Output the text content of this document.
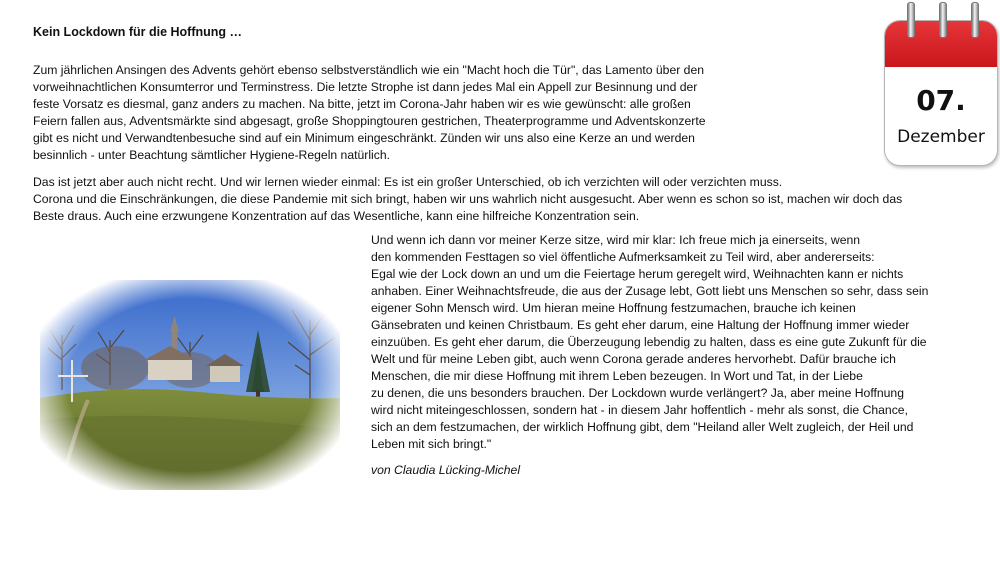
Kein Lockdown für die Hoffnung …

Zum jährlichen Ansingen des Advents gehört ebenso selbstverständlich wie ein "Macht hoch die Tür", das Lamento über den
vorweihnachtlichen Konsumterror und Terminstress. Die letzte Strophe ist dann jedes Mal ein Appell zur Besinnung und der
feste Vorsatz es diesmal, ganz anders zu machen. Na bitte, jetzt im Corona-Jahr haben wir es wie gewünscht: alle großen
Feiern fallen aus, Adventsmärkte sind abgesagt, große Shoppingtouren gestrichen, Theaterprogramme und Adventskonzerte
gibt es nicht und Verwandtenbesuche sind auf ein Minimum eingeschränkt. Zünden wir uns also eine Kerze an und werden
besinnlich - unter Beachtung sämtlicher Hygiene-Regeln natürlich.

Das ist jetzt aber auch nicht recht. Und wir lernen wieder einmal: Es ist ein großer Unterschied, ob ich verzichten will oder verzichten muss.
Corona und die Einschränkungen, die diese Pandemie mit sich bringt, haben wir uns wahrlich nicht ausgesucht. Aber wenn es schon so ist, machen wir doch das
Beste draus. Auch eine erzwungene Konzentration auf das Wesentliche, kann eine hilfreiche Konzentration sein.

Und wenn ich dann vor meiner Kerze sitze, wird mir klar: Ich freue mich ja einerseits, wenn
den kommenden Festtagen so viel öffentliche Aufmerksamkeit zu Teil wird, aber andererseits:
Egal wie der Lock down an und um die Feiertage herum geregelt wird, Weihnachten kann er nichts
anhaben. Einer Weihnachtsfreude, die aus der Zusage lebt, Gott liebt uns Menschen so sehr, dass sein
eigener Sohn Mensch wird. Um hieran meine Hoffnung festzumachen, brauche ich keinen
Gänsebraten und keinen Christbaum. Es geht eher darum, eine Haltung der Hoffnung immer wieder
einzuüben. Es geht eher darum, die Überzeugung lebendig zu halten, dass es eine gute Zukunft für die
Welt und für meine Leben gibt, auch wenn Corona gerade anderes hervorhebt. Dafür brauche ich
Menschen, die mir diese Hoffnung mit ihrem Leben bezeugen. In Wort und Tat, in der Liebe
zu denen, die uns besonders brauchen. Der Lockdown wurde verlängert? Ja, aber meine Hoffnung
wird nicht miteingeschlossen, sondern hat - in diesem Jahr hoffentlich - mehr als sonst, die Chance,
sich an dem festzumachen, der wirklich Hoffnung gibt, dem "Heiland aller Welt zugleich, der Heil und
Leben mit sich bringt."

von Claudia Lücking-Michel
07.
Dezember
